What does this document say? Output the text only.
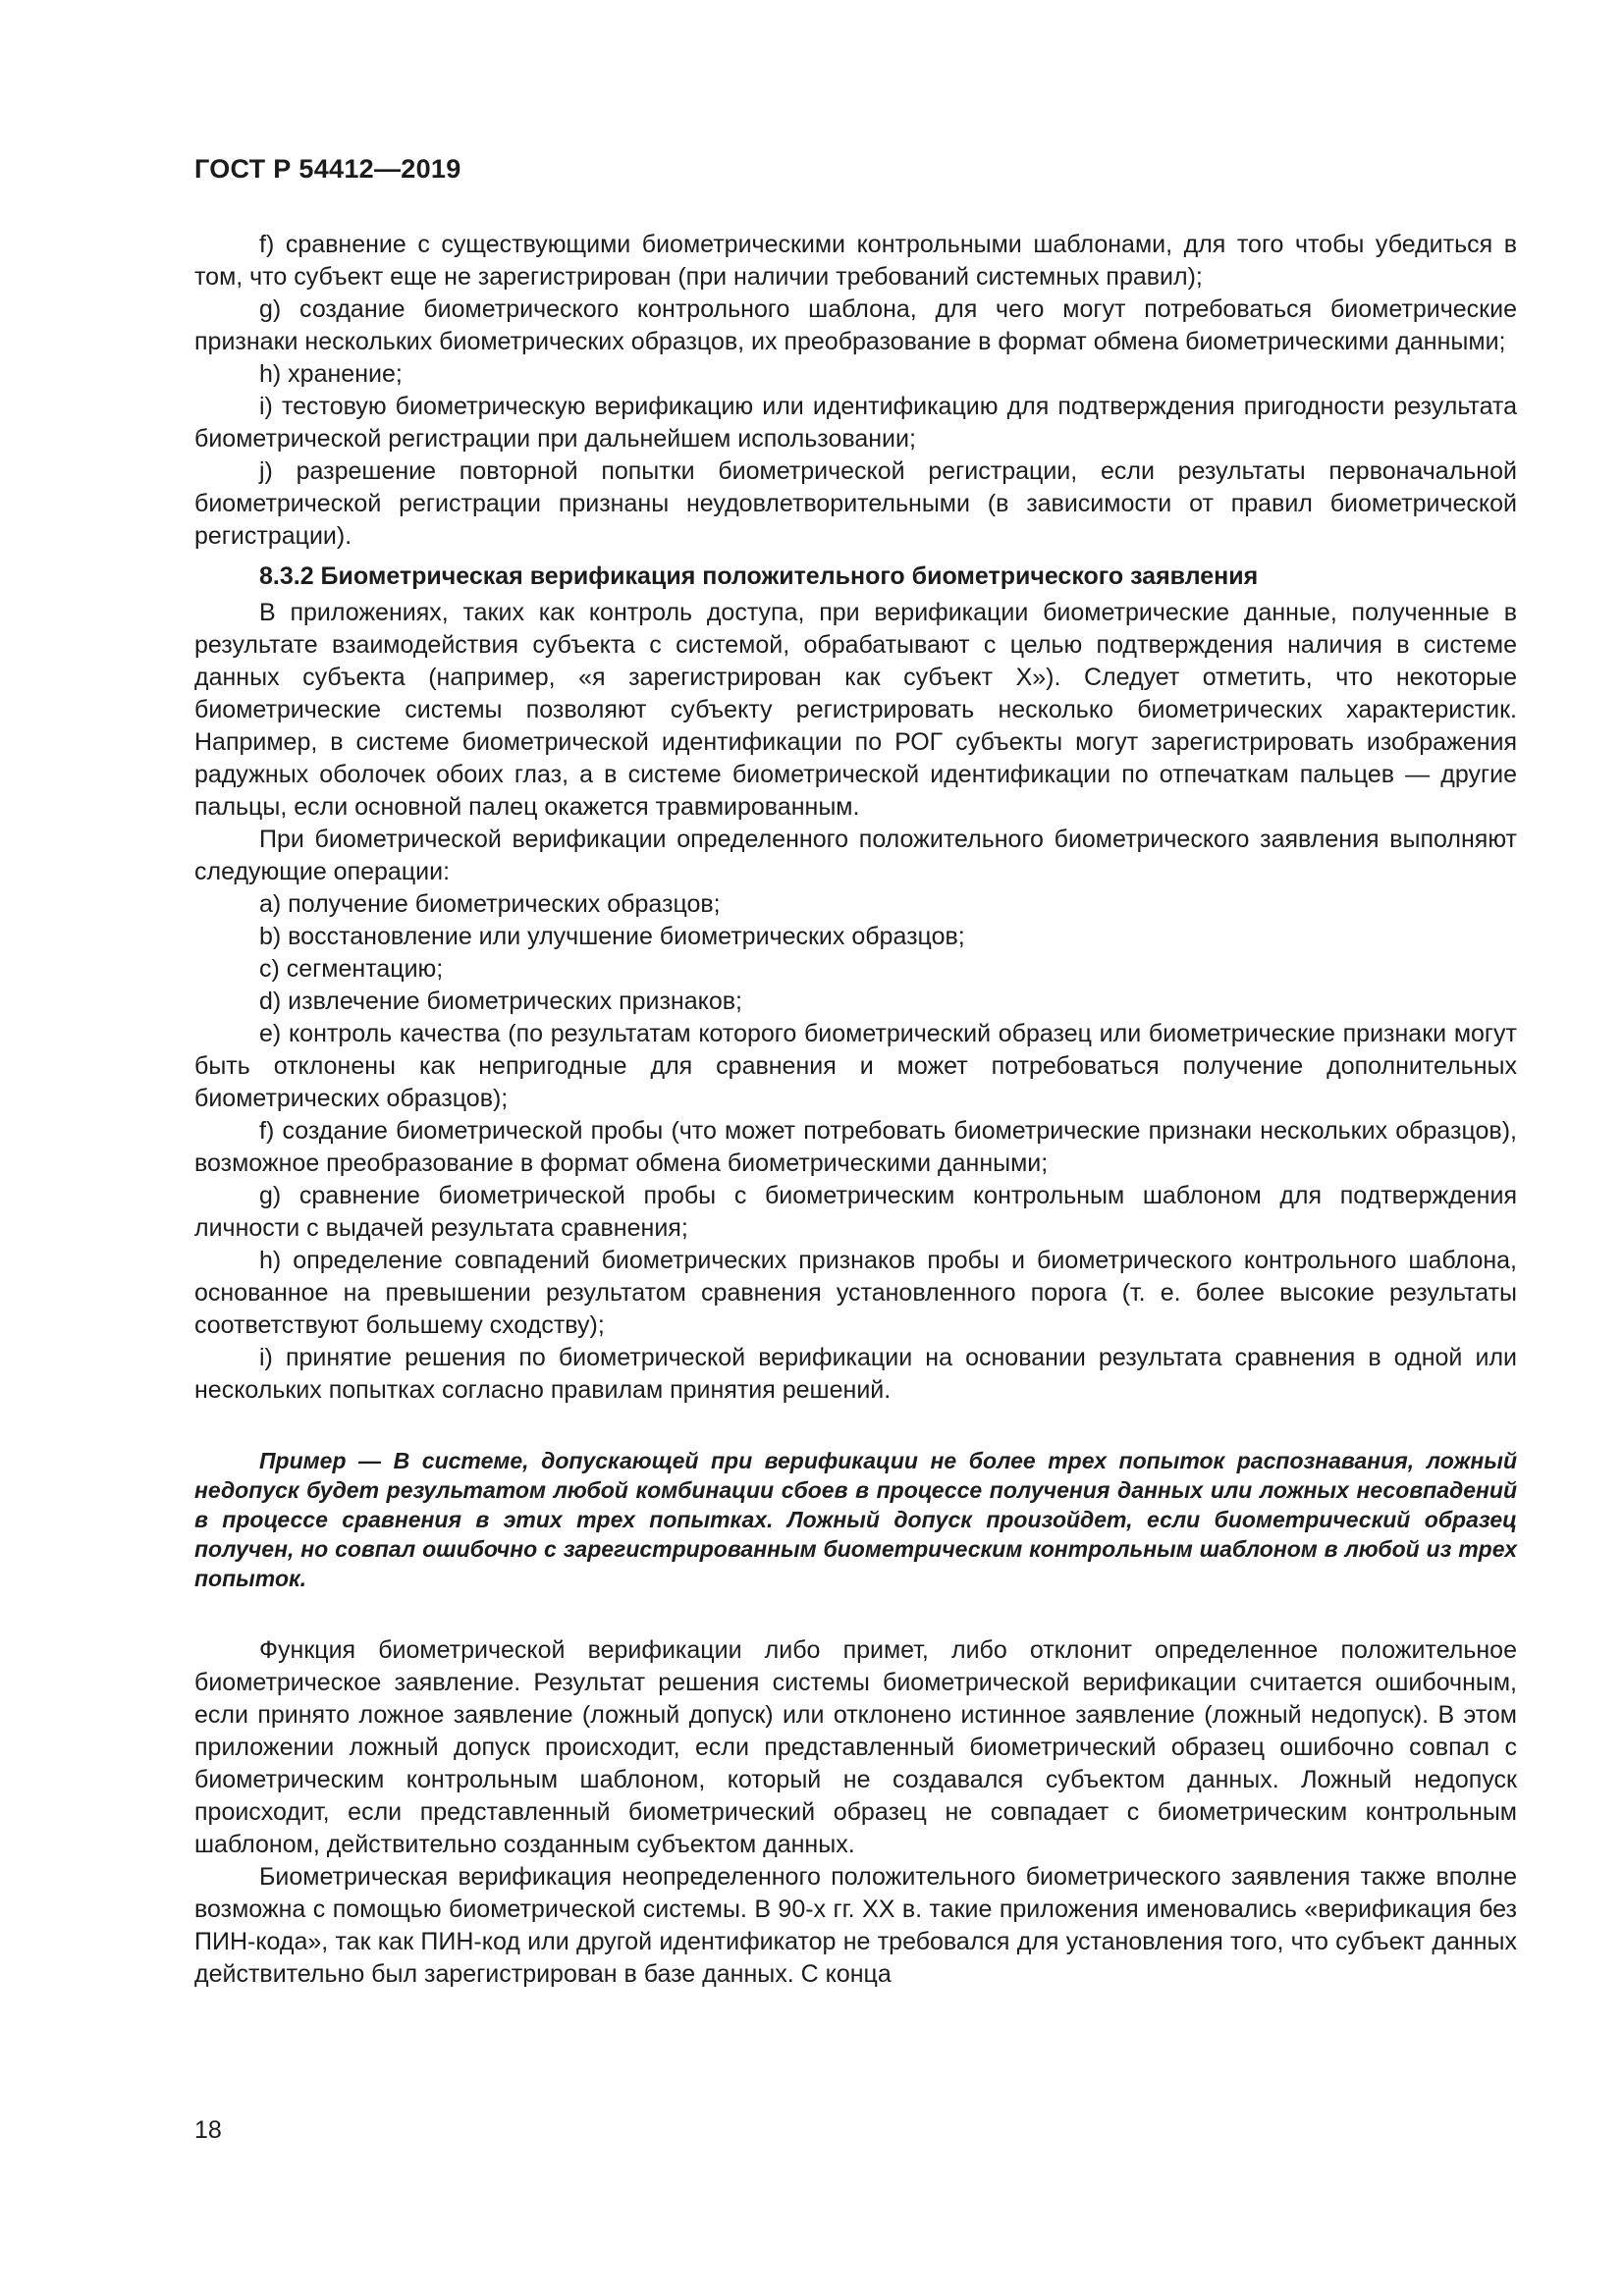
ГОСТ Р 54412—2019

f) сравнение с существующими биометрическими контрольными шаблонами, для того чтобы убедиться в том, что субъект еще не зарегистрирован (при наличии требований системных правил);

g) создание биометрического контрольного шаблона, для чего могут потребоваться биометрические признаки нескольких биометрических образцов, их преобразование в формат обмена биометрическими данными;

h) хранение;

i) тестовую биометрическую верификацию или идентификацию для подтверждения пригодности результата биометрической регистрации при дальнейшем использовании;

j) разрешение повторной попытки биометрической регистрации, если результаты первоначальной биометрической регистрации признаны неудовлетворительными (в зависимости от правил биометрической регистрации).

8.3.2 Биометрическая верификация положительного биометрического заявления

В приложениях, таких как контроль доступа, при верификации биометрические данные, полученные в результате взаимодействия субъекта с системой, обрабатывают с целью подтверждения наличия в системе данных субъекта (например, «я зарегистрирован как субъект X»). Следует отметить, что некоторые биометрические системы позволяют субъекту регистрировать несколько биометрических характеристик. Например, в системе биометрической идентификации по РОГ субъекты могут зарегистрировать изображения радужных оболочек обоих глаз, а в системе биометрической идентификации по отпечаткам пальцев — другие пальцы, если основной палец окажется травмированным.

При биометрической верификации определенного положительного биометрического заявления выполняют следующие операции:

a) получение биометрических образцов;

b) восстановление или улучшение биометрических образцов;

c) сегментацию;

d) извлечение биометрических признаков;

e) контроль качества (по результатам которого биометрический образец или биометрические признаки могут быть отклонены как непригодные для сравнения и может потребоваться получение дополнительных биометрических образцов);

f) создание биометрической пробы (что может потребовать биометрические признаки нескольких образцов), возможное преобразование в формат обмена биометрическими данными;

g) сравнение биометрической пробы с биометрическим контрольным шаблоном для подтверждения личности с выдачей результата сравнения;

h) определение совпадений биометрических признаков пробы и биометрического контрольного шаблона, основанное на превышении результатом сравнения установленного порога (т. е. более высокие результаты соответствуют большему сходству);

i) принятие решения по биометрической верификации на основании результата сравнения в одной или нескольких попытках согласно правилам принятия решений.

Пример — В системе, допускающей при верификации не более трех попыток распознавания, ложный недопуск будет результатом любой комбинации сбоев в процессе получения данных или ложных несовпадений в процессе сравнения в этих трех попытках. Ложный допуск произойдет, если биометрический образец получен, но совпал ошибочно с зарегистрированным биометрическим контрольным шаблоном в любой из трех попыток.

Функция биометрической верификации либо примет, либо отклонит определенное положительное биометрическое заявление. Результат решения системы биометрической верификации считается ошибочным, если принято ложное заявление (ложный допуск) или отклонено истинное заявление (ложный недопуск). В этом приложении ложный допуск происходит, если представленный биометрический образец ошибочно совпал с биометрическим контрольным шаблоном, который не создавался субъектом данных. Ложный недопуск происходит, если представленный биометрический образец не совпадает с биометрическим контрольным шаблоном, действительно созданным субъектом данных.

Биометрическая верификация неопределенного положительного биометрического заявления также вполне возможна с помощью биометрической системы. В 90-х гг. XX в. такие приложения именовались «верификация без ПИН-кода», так как ПИН-код или другой идентификатор не требовался для установления того, что субъект данных действительно был зарегистрирован в базе данных. С конца

18
